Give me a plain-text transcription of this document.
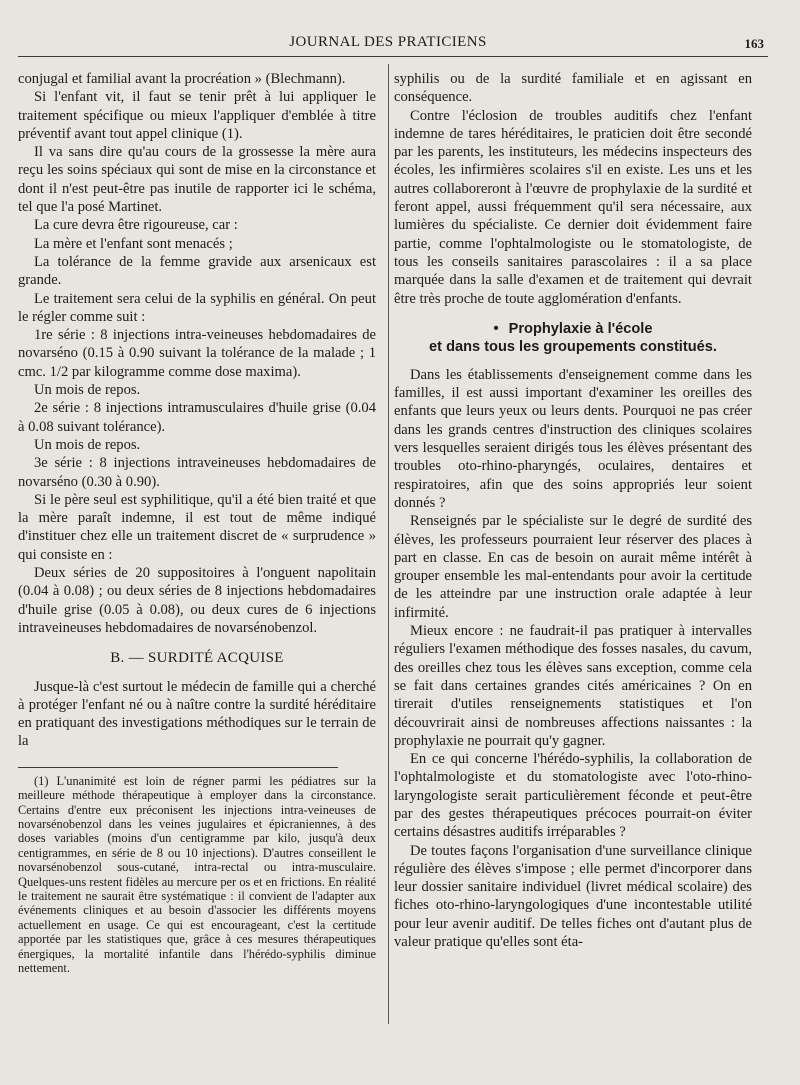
JOURNAL DES PRATICIENS	163

conjugal et familial avant la procréation » (Blechmann).

Si l'enfant vit, il faut se tenir prêt à lui appliquer le traitement spécifique ou mieux l'appliquer d'emblée à titre préventif avant tout appel clinique (1).

Il va sans dire qu'au cours de la grossesse la mère aura reçu les soins spéciaux qui sont de mise en la circonstance et dont il n'est peut-être pas inutile de rapporter ici le schéma, tel que l'a posé Martinet.

La cure devra être rigoureuse, car :

La mère et l'enfant sont menacés ;

La tolérance de la femme gravide aux arsenicaux est grande.

Le traitement sera celui de la syphilis en général. On peut le régler comme suit :

1re série : 8 injections intra-veineuses hebdomadaires de novarséno (0.15 à 0.90 suivant la tolérance de la malade ; 1 cmc. 1/2 par kilogramme comme dose maxima).

Un mois de repos.

2e série : 8 injections intramusculaires d'huile grise (0.04 à 0.08 suivant tolérance).

Un mois de repos.

3e série : 8 injections intraveineuses hebdomadaires de novarséno (0.30 à 0.90).

Si le père seul est syphilitique, qu'il a été bien traité et que la mère paraît indemne, il est tout de même indiqué d'instituer chez elle un traitement discret de « surprudence » qui consiste en :

Deux séries de 20 suppositoires à l'onguent napolitain (0.04 à 0.08) ; ou deux séries de 8 injections hebdomadaires d'huile grise (0.05 à 0.08), ou deux cures de 6 injections intraveineuses hebdomadaires de novarsénobenzol.

B. — SURDITÉ ACQUISE

Jusque-là c'est surtout le médecin de famille qui a cherché à protéger l'enfant né ou à naître contre la surdité héréditaire en pratiquant des investigations méthodiques sur le terrain de la

(1) L'unanimité est loin de régner parmi les pédiatres sur la meilleure méthode thérapeutique à employer dans la circonstance. Certains d'entre eux préconisent les injections intra-veineuses de novarsénobenzol dans les veines jugulaires et épicraniennes, à des doses variables (moins d'un centigramme par kilo, jusqu'à deux centigrammes, en série de 8 ou 10 injections). D'autres conseillent le novarsénobenzol sous-cutané, intra-rectal ou intra-musculaire. Quelques-uns restent fidèles au mercure per os et en frictions. En réalité le traitement ne saurait être systématique : il convient de l'adapter aux événements cliniques et au besoin d'associer les différents moyens actuellement en usage. Ce qui est encourageant, c'est la certitude apportée par les statistiques que, grâce à ces mesures thérapeutiques énergiques, la mortalité infantile dans l'hérédo-syphilis diminue nettement.

syphilis ou de la surdité familiale et en agissant en conséquence.

Contre l'éclosion de troubles auditifs chez l'enfant indemne de tares héréditaires, le praticien doit être secondé par les parents, les instituteurs, les médecins inspecteurs des écoles, les infirmières scolaires s'il en existe. Les uns et les autres collaboreront à l'œuvre de prophylaxie de la surdité et feront appel, aussi fréquemment qu'il sera nécessaire, aux lumières du spécialiste. Ce dernier doit évidemment faire partie, comme l'ophtalmologiste ou le stomatologiste, de tous les conseils sanitaires parascolaires : il a sa place marquée dans la salle d'examen et de traitement qui devrait être très proche de toute agglomération d'enfants.

• Prophylaxie à l'école
et dans tous les groupements constitués.

Dans les établissements d'enseignement comme dans les familles, il est aussi important d'examiner les oreilles des enfants que leurs yeux ou leurs dents. Pourquoi ne pas créer dans les grands centres d'instruction des cliniques scolaires vers lesquelles seraient dirigés tous les élèves présentant des troubles oto-rhino-pharyngés, oculaires, dentaires et respiratoires, afin que des soins appropriés leur soient donnés ?

Renseignés par le spécialiste sur le degré de surdité des élèves, les professeurs pourraient leur réserver des places à part en classe. En cas de besoin on aurait même intérêt à grouper ensemble les mal-entendants pour avoir la certitude de les atteindre par une instruction orale adaptée à leur infirmité.

Mieux encore : ne faudrait-il pas pratiquer à intervalles réguliers l'examen méthodique des fosses nasales, du cavum, des oreilles chez tous les élèves sans exception, comme cela se fait dans certaines grandes cités américaines ? On en tirerait d'utiles renseignements statistiques et l'on découvrirait ainsi de nombreuses affections naissantes : la prophylaxie ne pourrait qu'y gagner.

En ce qui concerne l'hérédo-syphilis, la collaboration de l'ophtalmologiste et du stomatologiste avec l'oto-rhino-laryngologiste serait particulièrement féconde et peut-être par des gestes thérapeutiques précoces pourrait-on éviter certains désastres auditifs irréparables ?

De toutes façons l'organisation d'une surveillance clinique régulière des élèves s'impose ; elle permet d'incorporer dans leur dossier sanitaire individuel (livret médical scolaire) des fiches oto-rhino-laryngologiques d'une incontestable utilité pour leur avenir auditif. De telles fiches ont d'autant plus de valeur pratique qu'elles sont éta-
